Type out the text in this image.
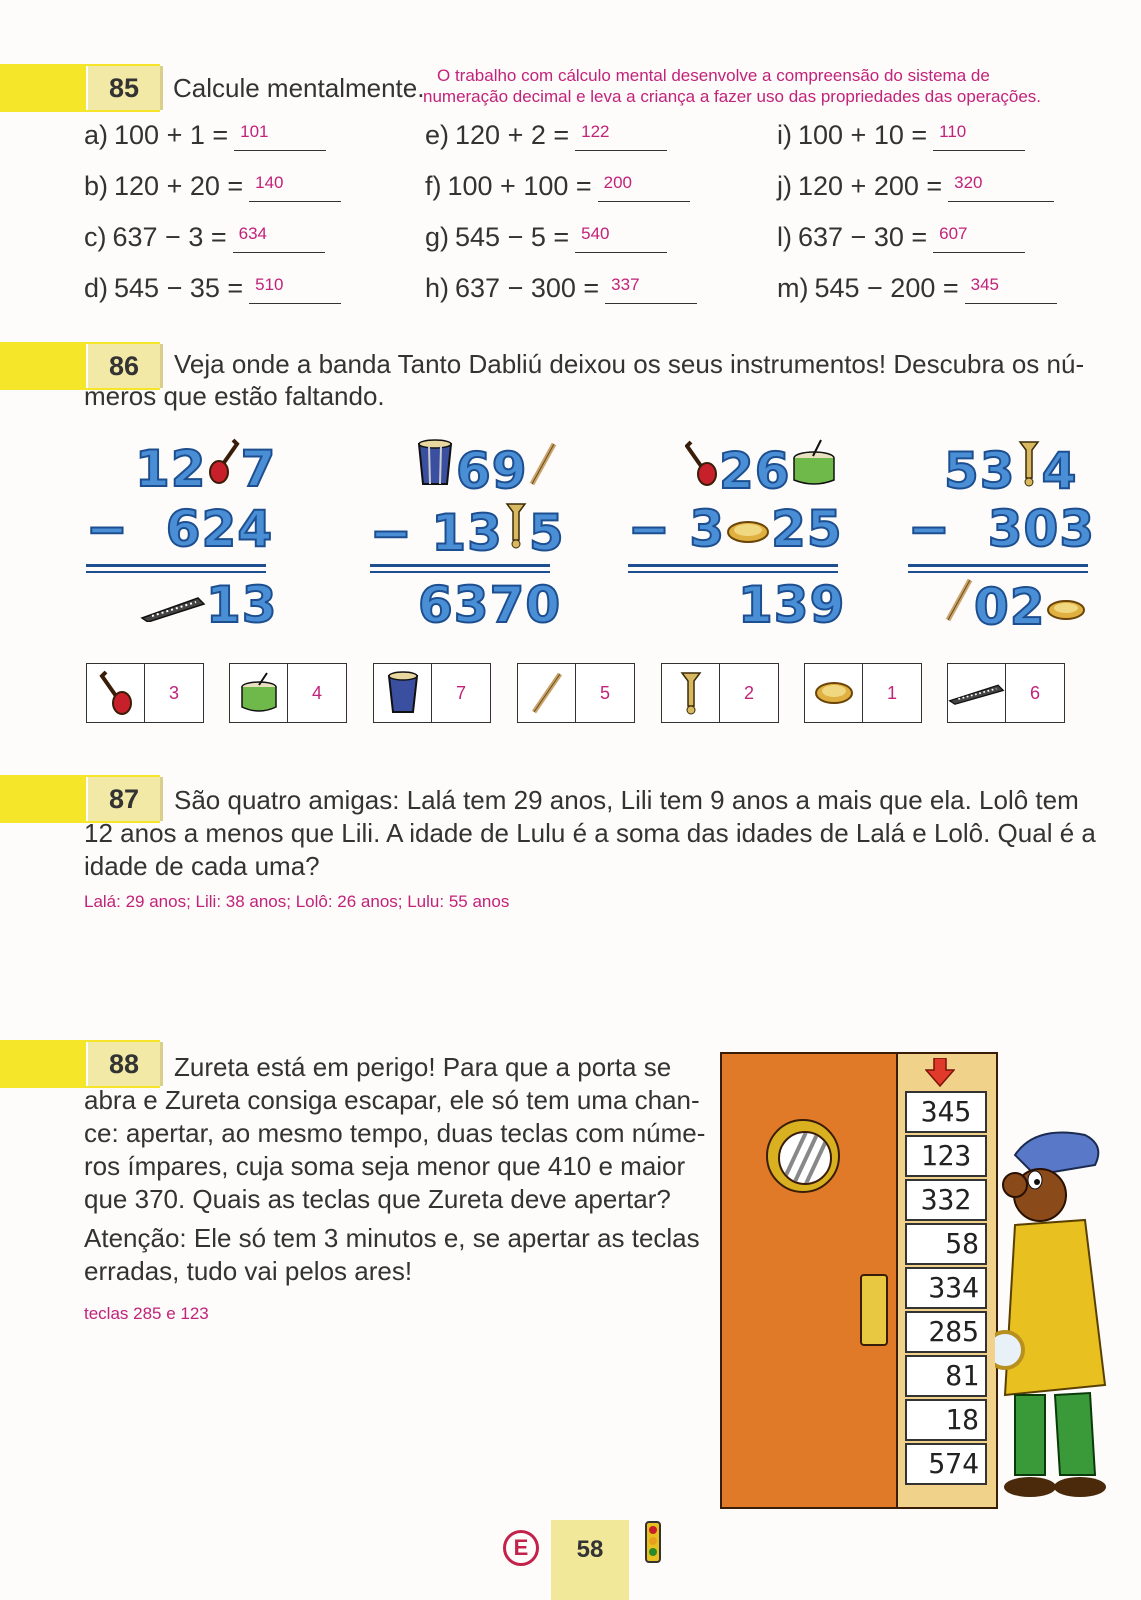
85	Calcule mentalmente. O trabalho com cálculo mental desenvolve a compreensão do sistema de
numeração decimal e leva a criança a fazer uso das propriedades das operações.
a) 100 + 1 = 101
b) 120 + 20 = 140
c) 637 − 3 = 634
d) 545 − 35 = 510
e) 120 + 2 = 122
f) 100 + 100 = 200
g) 545 − 5 = 540
h) 637 − 300 = 337
i) 100 + 10 = 110
j) 120 + 200 = 320
l) 637 − 30 = 607
m) 545 − 200 = 345
86	Veja onde a banda Tanto Dabliú deixou os seus instrumentos! Descubra os nú-
meros que estão faltando.
12 7
− 624
13
69
− 13 5
6370
26
− 3 25
139
53 4
− 303
02
3	4	7	5	2	1	6
87	São quatro amigas: Lalá tem 29 anos, Lili tem 9 anos a mais que ela. Lolô tem
12 anos a menos que Lili. A idade de Lulu é a soma das idades de Lalá e Lolô. Qual é a
idade de cada uma?
Lalá: 29 anos; Lili: 38 anos; Lolô: 26 anos; Lulu: 55 anos
88	Zureta está em perigo! Para que a porta se
abra e Zureta consiga escapar, ele só tem uma chan-
ce: apertar, ao mesmo tempo, duas teclas com núme-
ros ímpares, cuja soma seja menor que 410 e maior
que 370. Quais as teclas que Zureta deve apertar?
Atenção: Ele só tem 3 minutos e, se apertar as teclas
erradas, tudo vai pelos ares!
teclas 285 e 123
345
123
332
58
334
285
81
18
574
E	58
